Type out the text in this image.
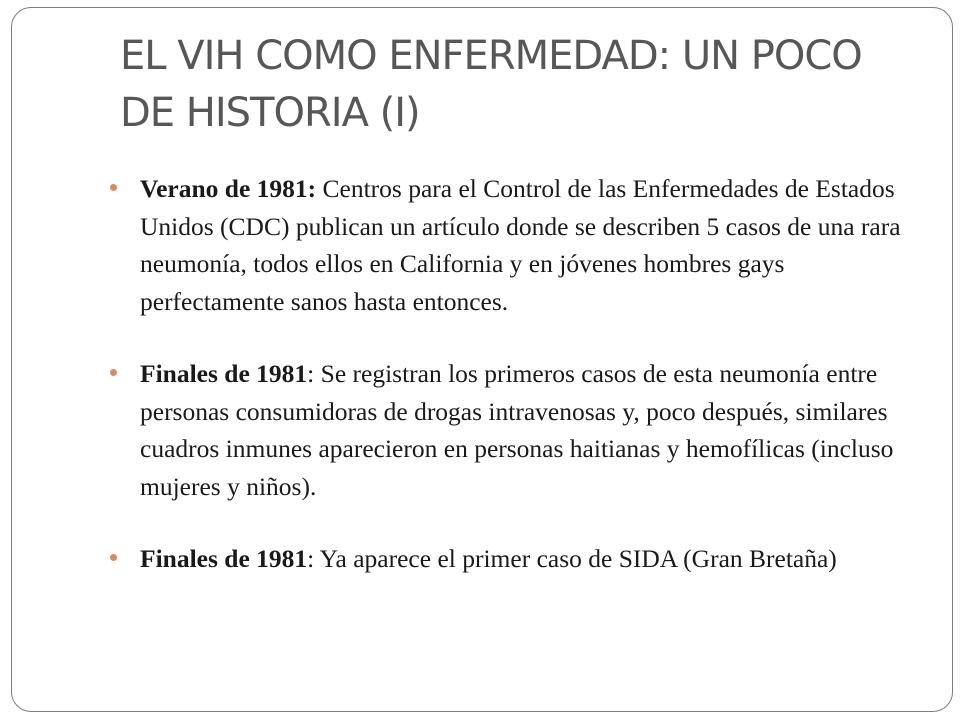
EL VIH COMO ENFERMEDAD: UN POCO DE HISTORIA (I)
Verano de 1981: Centros para el Control de las Enfermedades de Estados Unidos (CDC) publican un artículo donde se describen 5 casos de una rara neumonía, todos ellos en California y en jóvenes hombres gays perfectamente sanos hasta entonces.
Finales de 1981: Se registran los primeros casos de esta neumonía entre personas consumidoras de drogas intravenosas y, poco después, similares cuadros inmunes aparecieron en personas haitianas y hemofílicas (incluso mujeres y niños).
Finales de 1981: Ya aparece el primer caso de SIDA (Gran Bretaña)
